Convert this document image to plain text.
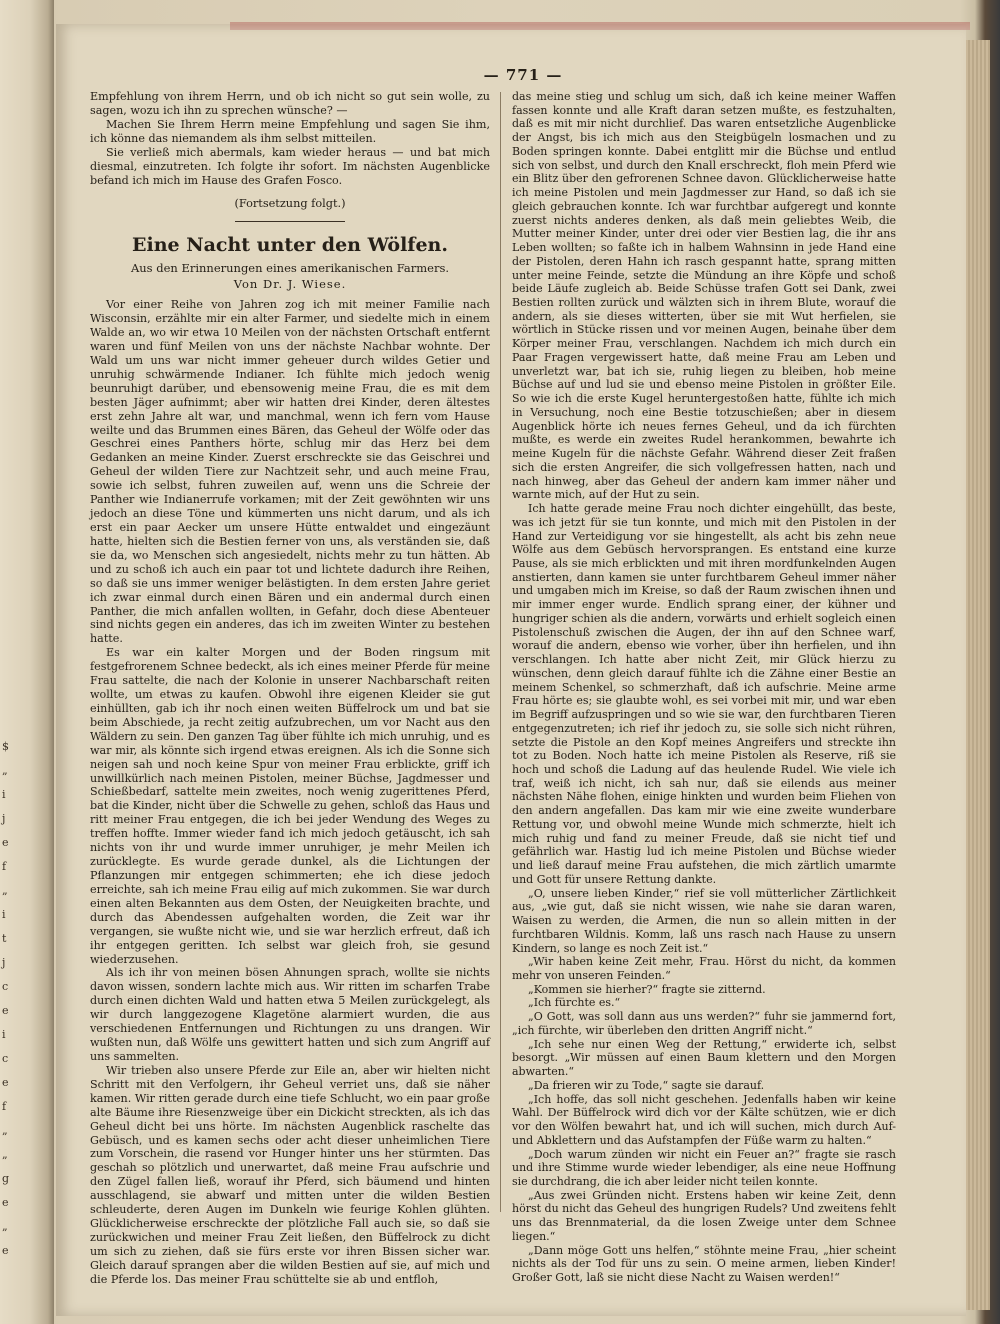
$
„
i
j
e
f
„
i
t
j
c
e
i
c
e
f
„
„
g
e
„
e
— 771 —

Empfehlung von ihrem Herrn, und ob ich nicht so gut sein wolle, zu sagen, wozu ich ihn zu sprechen wünsche? —

Machen Sie Ihrem Herrn meine Empfehlung und sagen Sie ihm, ich könne das niemandem als ihm selbst mitteilen.

Sie verließ mich abermals, kam wieder heraus — und bat mich diesmal, einzutreten. Ich folgte ihr sofort. Im nächsten Augenblicke befand ich mich im Hause des Grafen Fosco.

(Fortsetzung folgt.)
Eine Nacht unter den Wölfen.
Aus den Erinnerungen eines amerikanischen Farmers.
Von Dr. J. Wiese.

Vor einer Reihe von Jahren zog ich mit meiner Familie nach Wisconsin, erzählte mir ein alter Farmer, und siedelte mich in einem Walde an, wo wir etwa 10 Meilen von der nächsten Ortschaft entfernt waren und fünf Meilen von uns der nächste Nachbar wohnte. Der Wald um uns war nicht immer geheuer durch wildes Getier und unruhig schwärmende Indianer. Ich fühlte mich jedoch wenig beunruhigt darüber, und ebensowenig meine Frau, die es mit dem besten Jäger aufnimmt; aber wir hatten drei Kinder, deren ältestes erst zehn Jahre alt war, und manchmal, wenn ich fern vom Hause weilte und das Brummen eines Bären, das Geheul der Wölfe oder das Geschrei eines Panthers hörte, schlug mir das Herz bei dem Gedanken an meine Kinder. Zuerst erschreckte sie das Geischrei und Geheul der wilden Tiere zur Nachtzeit sehr, und auch meine Frau, sowie ich selbst, fuhren zuweilen auf, wenn uns die Schreie der Panther wie Indianerrufe vorkamen; mit der Zeit gewöhnten wir uns jedoch an diese Töne und kümmerten uns nicht darum, und als ich erst ein paar Aecker um unsere Hütte entwaldet und eingezäunt hatte, hielten sich die Bestien ferner von uns, als verständen sie, daß sie da, wo Menschen sich angesiedelt, nichts mehr zu tun hätten. Ab und zu schoß ich auch ein paar tot und lichtete dadurch ihre Reihen, so daß sie uns immer weniger belästigten. In dem ersten Jahre geriet ich zwar einmal durch einen Bären und ein andermal durch einen Panther, die mich anfallen wollten, in Gefahr, doch diese Abenteuer sind nichts gegen ein anderes, das ich im zweiten Winter zu bestehen hatte.

Es war ein kalter Morgen und der Boden ringsum mit festgefrorenem Schnee bedeckt, als ich eines meiner Pferde für meine Frau sattelte, die nach der Kolonie in unserer Nachbarschaft reiten wollte, um etwas zu kaufen. Obwohl ihre eigenen Kleider sie gut einhüllten, gab ich ihr noch einen weiten Büffelrock um und bat sie beim Abschiede, ja recht zeitig aufzubrechen, um vor Nacht aus den Wäldern zu sein. Den ganzen Tag über fühlte ich mich unruhig, und es war mir, als könnte sich irgend etwas ereignen. Als ich die Sonne sich neigen sah und noch keine Spur von meiner Frau erblickte, griff ich unwillkürlich nach meinen Pistolen, meiner Büchse, Jagdmesser und Schießbedarf, sattelte mein zweites, noch wenig zugerittenes Pferd, bat die Kinder, nicht über die Schwelle zu gehen, schloß das Haus und ritt meiner Frau entgegen, die ich bei jeder Wendung des Weges zu treffen hoffte. Immer wieder fand ich mich jedoch getäuscht, ich sah nichts von ihr und wurde immer unruhiger, je mehr Meilen ich zurücklegte. Es wurde gerade dunkel, als die Lichtungen der Pflanzungen mir entgegen schimmerten; ehe ich diese jedoch erreichte, sah ich meine Frau eilig auf mich zukommen. Sie war durch einen alten Bekannten aus dem Osten, der Neuigkeiten brachte, und durch das Abendessen aufgehalten worden, die Zeit war ihr vergangen, sie wußte nicht wie, und sie war herzlich erfreut, daß ich ihr entgegen geritten. Ich selbst war gleich froh, sie gesund wiederzusehen.

Als ich ihr von meinen bösen Ahnungen sprach, wollte sie nichts davon wissen, sondern lachte mich aus. Wir ritten im scharfen Trabe durch einen dichten Wald und hatten etwa 5 Meilen zurückgelegt, als wir durch langgezogene Klagetöne alarmiert wurden, die aus verschiedenen Entfernungen und Richtungen zu uns drangen. Wir wußten nun, daß Wölfe uns gewittert hatten und sich zum Angriff auf uns sammelten.

Wir trieben also unsere Pferde zur Eile an, aber wir hielten nicht Schritt mit den Verfolgern, ihr Geheul verriet uns, daß sie näher kamen. Wir ritten gerade durch eine tiefe Schlucht, wo ein paar große alte Bäume ihre Riesenzweige über ein Dickicht streckten, als ich das Geheul dicht bei uns hörte. Im nächsten Augenblick raschelte das Gebüsch, und es kamen sechs oder acht dieser unheimlichen Tiere zum Vorschein, die rasend vor Hunger hinter uns her stürmten. Das geschah so plötzlich und unerwartet, daß meine Frau aufschrie und den Zügel fallen ließ, worauf ihr Pferd, sich bäumend und hinten ausschlagend, sie abwarf und mitten unter die wilden Bestien schleuderte, deren Augen im Dunkeln wie feurige Kohlen glühten. Glücklicherweise erschreckte der plötzliche Fall auch sie, so daß sie zurückwichen und meiner Frau Zeit ließen, den Büffelrock zu dicht um sich zu ziehen, daß sie fürs erste vor ihren Bissen sicher war. Gleich darauf sprangen aber die wilden Bestien auf sie, auf mich und die Pferde los. Das meiner Frau schüttelte sie ab und entfloh,

das meine stieg und schlug um sich, daß ich keine meiner Waffen fassen konnte und alle Kraft daran setzen mußte, es festzuhalten, daß es mit mir nicht durchlief. Das waren entsetzliche Augenblicke der Angst, bis ich mich aus den Steigbügeln losmachen und zu Boden springen konnte. Dabei entglitt mir die Büchse und entlud sich von selbst, und durch den Knall erschreckt, floh mein Pferd wie ein Blitz über den gefrorenen Schnee davon. Glücklicherweise hatte ich meine Pistolen und mein Jagdmesser zur Hand, so daß ich sie gleich gebrauchen konnte. Ich war furchtbar aufgeregt und konnte zuerst nichts anderes denken, als daß mein geliebtes Weib, die Mutter meiner Kinder, unter drei oder vier Bestien lag, die ihr ans Leben wollten; so faßte ich in halbem Wahnsinn in jede Hand eine der Pistolen, deren Hahn ich rasch gespannt hatte, sprang mitten unter meine Feinde, setzte die Mündung an ihre Köpfe und schoß beide Läufe zugleich ab. Beide Schüsse trafen Gott sei Dank, zwei Bestien rollten zurück und wälzten sich in ihrem Blute, worauf die andern, als sie dieses witterten, über sie mit Wut herfielen, sie wörtlich in Stücke rissen und vor meinen Augen, beinahe über dem Körper meiner Frau, verschlangen. Nachdem ich mich durch ein Paar Fragen vergewissert hatte, daß meine Frau am Leben und unverletzt war, bat ich sie, ruhig liegen zu bleiben, hob meine Büchse auf und lud sie und ebenso meine Pistolen in größter Eile. So wie ich die erste Kugel heruntergestoßen hatte, fühlte ich mich in Versuchung, noch eine Bestie totzuschießen; aber in diesem Augenblick hörte ich neues fernes Geheul, und da ich fürchten mußte, es werde ein zweites Rudel herankommen, bewahrte ich meine Kugeln für die nächste Gefahr. Während dieser Zeit fraßen sich die ersten Angreifer, die sich vollgefressen hatten, nach und nach hinweg, aber das Geheul der andern kam immer näher und warnte mich, auf der Hut zu sein.

Ich hatte gerade meine Frau noch dichter eingehüllt, das beste, was ich jetzt für sie tun konnte, und mich mit den Pistolen in der Hand zur Verteidigung vor sie hingestellt, als acht bis zehn neue Wölfe aus dem Gebüsch hervorsprangen. Es entstand eine kurze Pause, als sie mich erblickten und mit ihren mordfunkelnden Augen anstierten, dann kamen sie unter furchtbarem Geheul immer näher und umgaben mich im Kreise, so daß der Raum zwischen ihnen und mir immer enger wurde. Endlich sprang einer, der kühner und hungriger schien als die andern, vorwärts und erhielt sogleich einen Pistolenschuß zwischen die Augen, der ihn auf den Schnee warf, worauf die andern, ebenso wie vorher, über ihn herfielen, und ihn verschlangen. Ich hatte aber nicht Zeit, mir Glück hierzu zu wünschen, denn gleich darauf fühlte ich die Zähne einer Bestie an meinem Schenkel, so schmerzhaft, daß ich aufschrie. Meine arme Frau hörte es; sie glaubte wohl, es sei vorbei mit mir, und war eben im Begriff aufzuspringen und so wie sie war, den furchtbaren Tieren entgegenzutreten; ich rief ihr jedoch zu, sie solle sich nicht rühren, setzte die Pistole an den Kopf meines Angreifers und streckte ihn tot zu Boden. Noch hatte ich meine Pistolen als Reserve, riß sie hoch und schoß die Ladung auf das heulende Rudel. Wie viele ich traf, weiß ich nicht, ich sah nur, daß sie eilends aus meiner nächsten Nähe flohen, einige hinkten und wurden beim Fliehen von den andern angefallen. Das kam mir wie eine zweite wunderbare Rettung vor, und obwohl meine Wunde mich schmerzte, hielt ich mich ruhig und fand zu meiner Freude, daß sie nicht tief und gefährlich war. Hastig lud ich meine Pistolen und Büchse wieder und ließ darauf meine Frau aufstehen, die mich zärtlich umarmte und Gott für unsere Rettung dankte.

„O, unsere lieben Kinder,“ rief sie voll mütterlicher Zärtlichkeit aus, „wie gut, daß sie nicht wissen, wie nahe sie daran waren, Waisen zu werden, die Armen, die nun so allein mitten in der furchtbaren Wildnis. Komm, laß uns rasch nach Hause zu unsern Kindern, so lange es noch Zeit ist.“

„Wir haben keine Zeit mehr, Frau. Hörst du nicht, da kommen mehr von unseren Feinden.“

„Kommen sie hierher?“ fragte sie zitternd.

„Ich fürchte es.“

„O Gott, was soll dann aus uns werden?“ fuhr sie jammernd fort, „ich fürchte, wir überleben den dritten Angriff nicht.“

„Ich sehe nur einen Weg der Rettung,“ erwiderte ich, selbst besorgt. „Wir müssen auf einen Baum klettern und den Morgen abwarten.“

„Da frieren wir zu Tode,“ sagte sie darauf.

„Ich hoffe, das soll nicht geschehen. Jedenfalls haben wir keine Wahl. Der Büffelrock wird dich vor der Kälte schützen, wie er dich vor den Wölfen bewahrt hat, und ich will suchen, mich durch Auf- und Abklettern und das Aufstampfen der Füße warm zu halten.“

„Doch warum zünden wir nicht ein Feuer an?“ fragte sie rasch und ihre Stimme wurde wieder lebendiger, als eine neue Hoffnung sie durchdrang, die ich aber leider nicht teilen konnte.

„Aus zwei Gründen nicht. Erstens haben wir keine Zeit, denn hörst du nicht das Geheul des hungrigen Rudels? Und zweitens fehlt uns das Brennmaterial, da die losen Zweige unter dem Schnee liegen.“

„Dann möge Gott uns helfen,“ stöhnte meine Frau, „hier scheint nichts als der Tod für uns zu sein. O meine armen, lieben Kinder! Großer Gott, laß sie nicht diese Nacht zu Waisen werden!“
